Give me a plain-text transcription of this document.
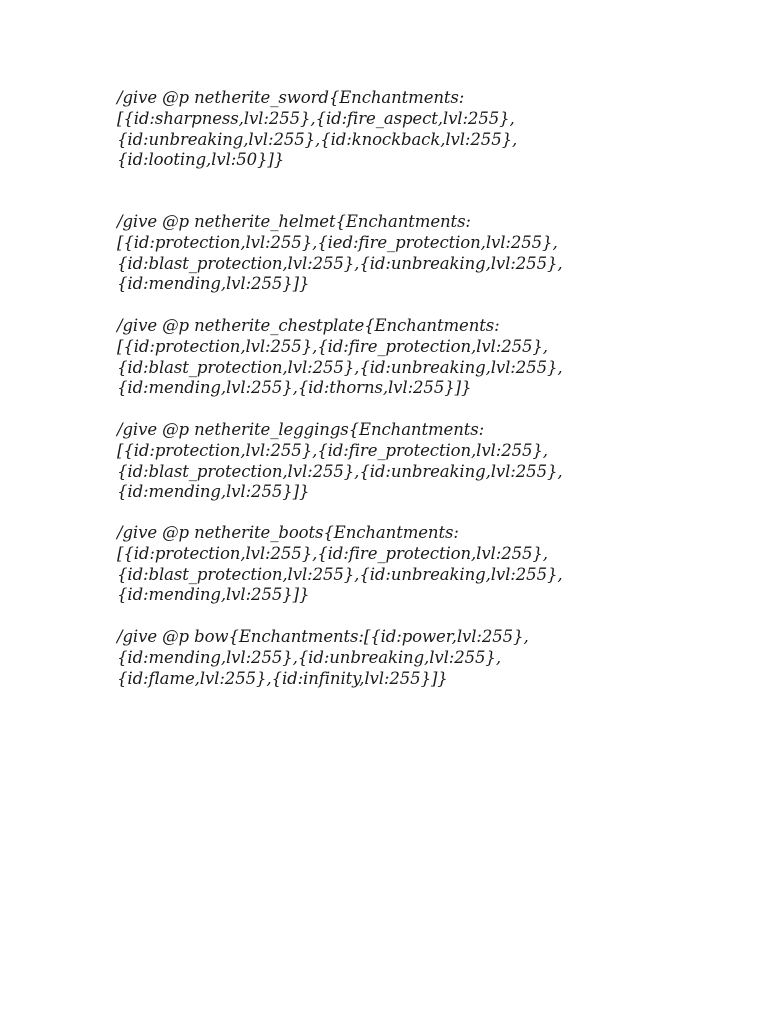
/give @p netherite_sword{Enchantments:
[{id:sharpness,lvl:255},{id:fire_aspect,lvl:255},
{id:unbreaking,lvl:255},{id:knockback,lvl:255},
{id:looting,lvl:50}]}

/give @p netherite_helmet{Enchantments:
[{id:protection,lvl:255},{ied:fire_protection,lvl:255},
{id:blast_protection,lvl:255},{id:unbreaking,lvl:255},
{id:mending,lvl:255}]}

/give @p netherite_chestplate{Enchantments:
[{id:protection,lvl:255},{id:fire_protection,lvl:255},
{id:blast_protection,lvl:255},{id:unbreaking,lvl:255},
{id:mending,lvl:255},{id:thorns,lvl:255}]}

/give @p netherite_leggings{Enchantments:
[{id:protection,lvl:255},{id:fire_protection,lvl:255},
{id:blast_protection,lvl:255},{id:unbreaking,lvl:255},
{id:mending,lvl:255}]}

/give @p netherite_boots{Enchantments:
[{id:protection,lvl:255},{id:fire_protection,lvl:255},
{id:blast_protection,lvl:255},{id:unbreaking,lvl:255},
{id:mending,lvl:255}]}

/give @p bow{Enchantments:[{id:power,lvl:255},
{id:mending,lvl:255},{id:unbreaking,lvl:255},
{id:flame,lvl:255},{id:infinity,lvl:255}]}
